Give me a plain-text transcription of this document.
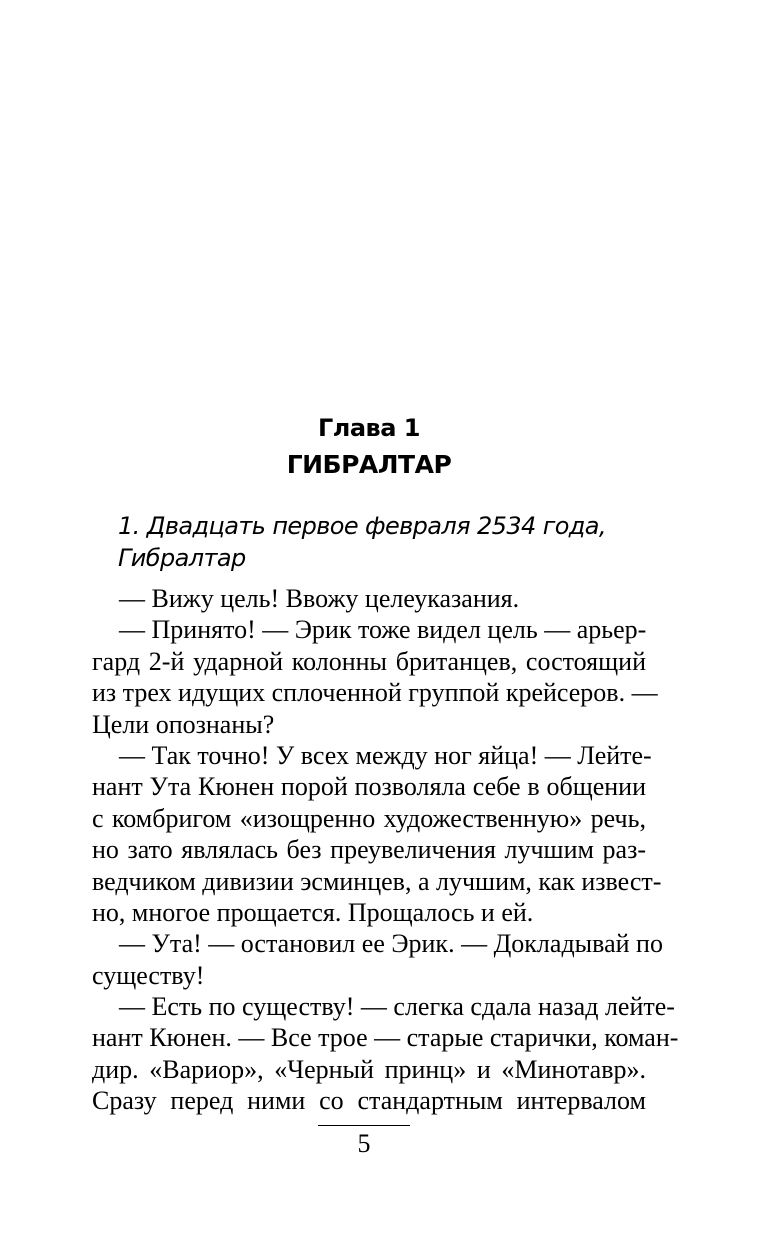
Глава 1
ГИБРАЛТАР
1. Двадцать первое февраля 2534 года,
Гибралтар
— Вижу цель! Ввожу целеуказания.
— Принято! — Эрик тоже видел цель — арьер-
гард 2-й ударной колонны британцев, состоящий
из трех идущих сплоченной группой крейсеров. —
Цели опознаны?
— Так точно! У всех между ног яйца! — Лейте-
нант Ута Кюнен порой позволяла себе в общении
с комбригом «изощренно художественную» речь,
но зато являлась без преувеличения лучшим раз-
ведчиком дивизии эсминцев, а лучшим, как извест-
но, многое прощается. Прощалось и ей.
— Ута! — остановил ее Эрик. — Докладывай по
существу!
— Есть по существу! — слегка сдала назад лейте-
нант Кюнен. — Все трое — старые старички, коман-
дир. «Вариор», «Черный принц» и «Минотавр».
Сразу перед ними со стандартным интервалом
5
